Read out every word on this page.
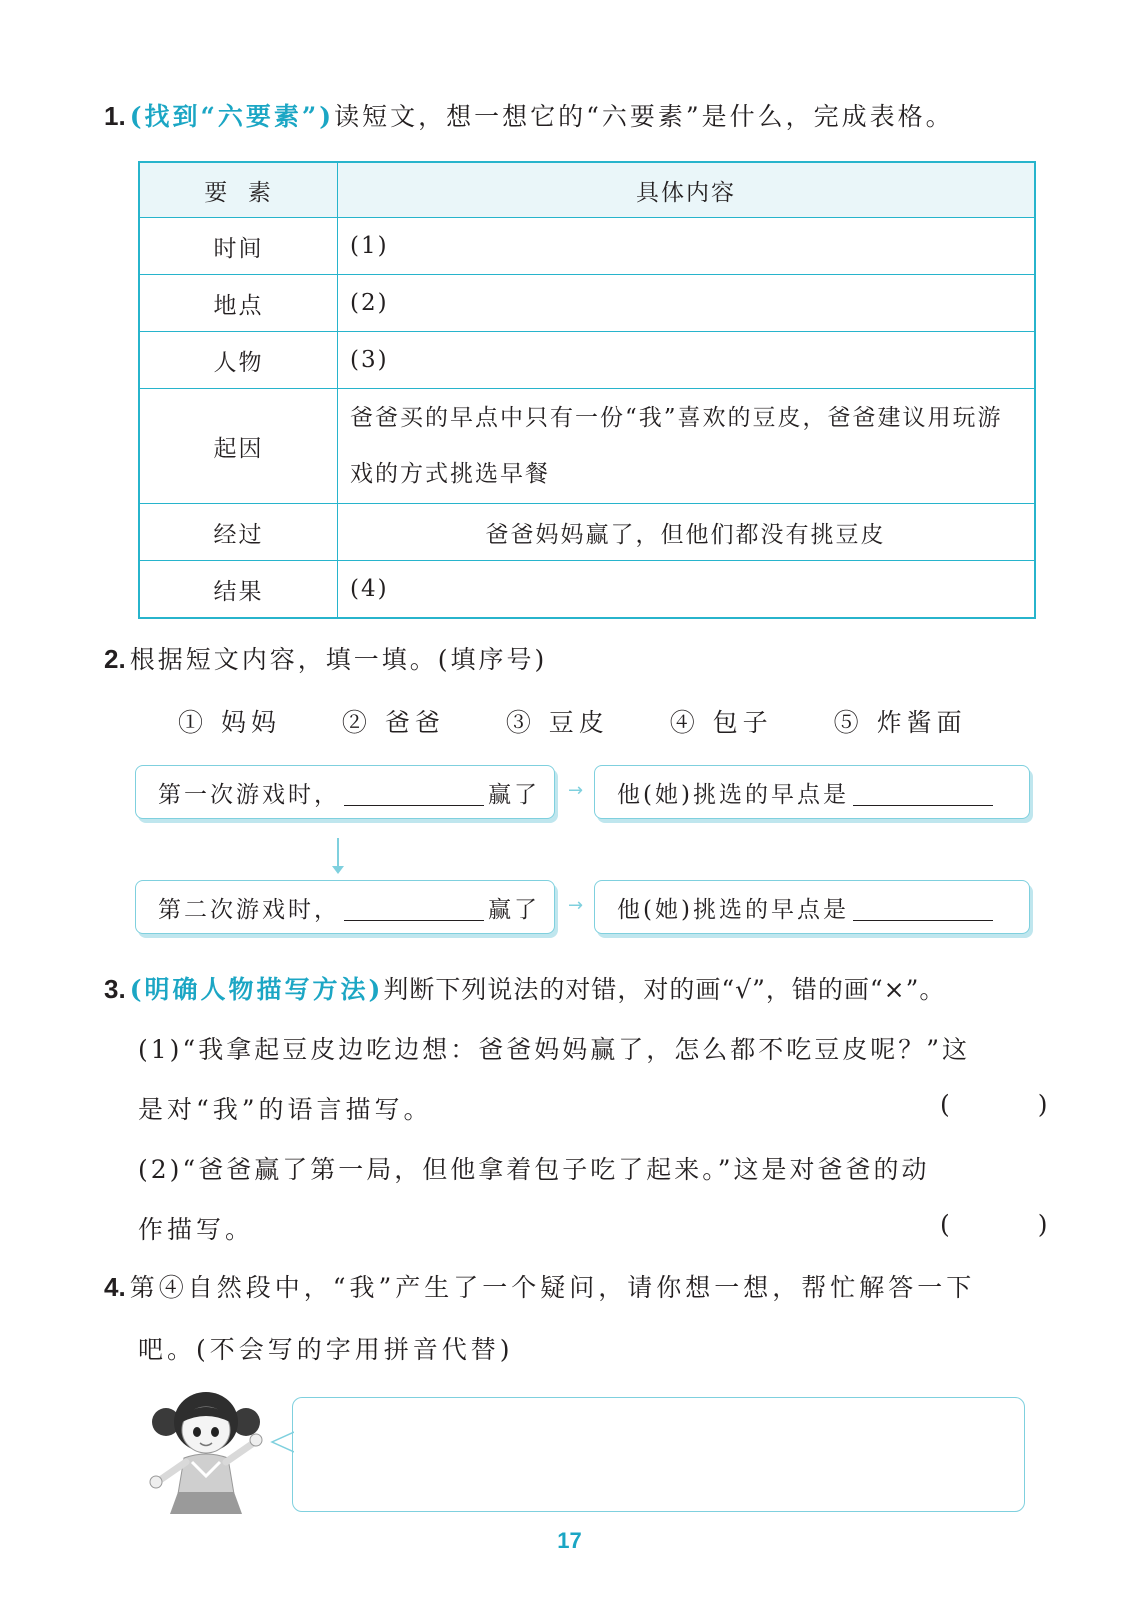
1. (找到“六要素”)读短文，想一想它的“六要素”是什么，完成表格。
要  素	具体内容
时间	(1)
地点	(2)
人物	(3)
起因	爸爸买的早点中只有一份“我”喜欢的豆皮，爸爸建议用玩游戏的方式挑选早餐
经过	爸爸妈妈赢了，但他们都没有挑豆皮
结果	(4)
2. 根据短文内容，填一填。(填序号)
① 妈妈 ② 爸爸 ③ 豆皮 ④ 包子 ⑤ 炸酱面
第一次游戏时，	赢了 → 他(她)挑选的早点是
第二次游戏时，	赢了 → 他(她)挑选的早点是
3. (明确人物描写方法)判断下列说法的对错，对的画“√”，错的画“×”。
(1)“我拿起豆皮边吃边想：爸爸妈妈赢了，怎么都不吃豆皮呢？”这
是对“我”的语言描写。	( )
(2)“爸爸赢了第一局，但他拿着包子吃了起来。”这是对爸爸的动
作描写。	( )
4. 第④自然段中，“我”产生了一个疑问，请你想一想，帮忙解答一下
吧。(不会写的字用拼音代替)
17
